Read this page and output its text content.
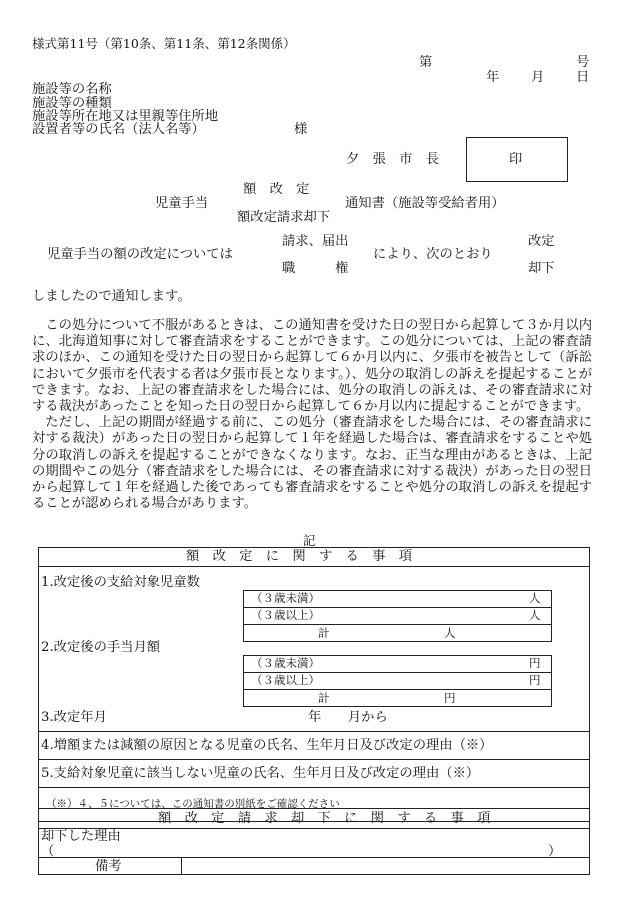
様式第11号（第10条、第11条、第12条関係）
第	号
年 月 日
施設等の名称
施設等の種類
施設等所在地又は里親等住所地
設置者等の氏名（法人名等）	様
夕　張　市　長	印
額　改　定
児童手当	通知書（施設等受給者用）
額改定請求却下
請求、届出	改定
児童手当の額の改定については	により、次のとおり
職　　　権	却下
しましたので通知します。

この処分について不服があるときは、この通知書を受けた日の翌日から起算して３か月以内に、北海道知事に対して審査請求をすることができます。この処分については、上記の審査請求のほか、この通知を受けた日の翌日から起算して６か月以内に、夕張市を被告として（訴訟において夕張市を代表する者は夕張市長となります。）、処分の取消しの訴えを提起することができます。なお、上記の審査請求をした場合には、処分の取消しの訴えは、その審査請求に対する裁決があったことを知った日の翌日から起算して６か月以内に提起することができます。

ただし、上記の期間が経過する前に、この処分（審査請求をした場合には、その審査請求に対する裁決）があった日の翌日から起算して１年を経過した場合は、審査請求をすることや処分の取消しの訴えを提起することができなくなります。なお、正当な理由があるときは、上記の期間やこの処分（審査請求をした場合には、その審査請求に対する裁決）があった日の翌日から起算して１年を経過した後であっても審査請求をすることや処分の取消しの訴えを提起することが認められる場合があります。

記
額　改　定　に　関　す　る　事　項
1.改定後の支給対象児童数
（３歳未満）	人
（３歳以上）	人
計	人
2.改定後の手当月額
（３歳未満）	円
（３歳以上）	円
計	円
3.改定年月	年　　月から
4.増額または減額の原因となる児童の氏名、生年月日及び改定の理由（※）
5.支給対象児童に該当しない児童の氏名、生年月日及び改定の理由（※）
（※）４、５については、この通知書の別紙をご確認ください
額　改　定　請　求　却　下　に　関　す　る　事　項
却下した理由
（	）
備考
